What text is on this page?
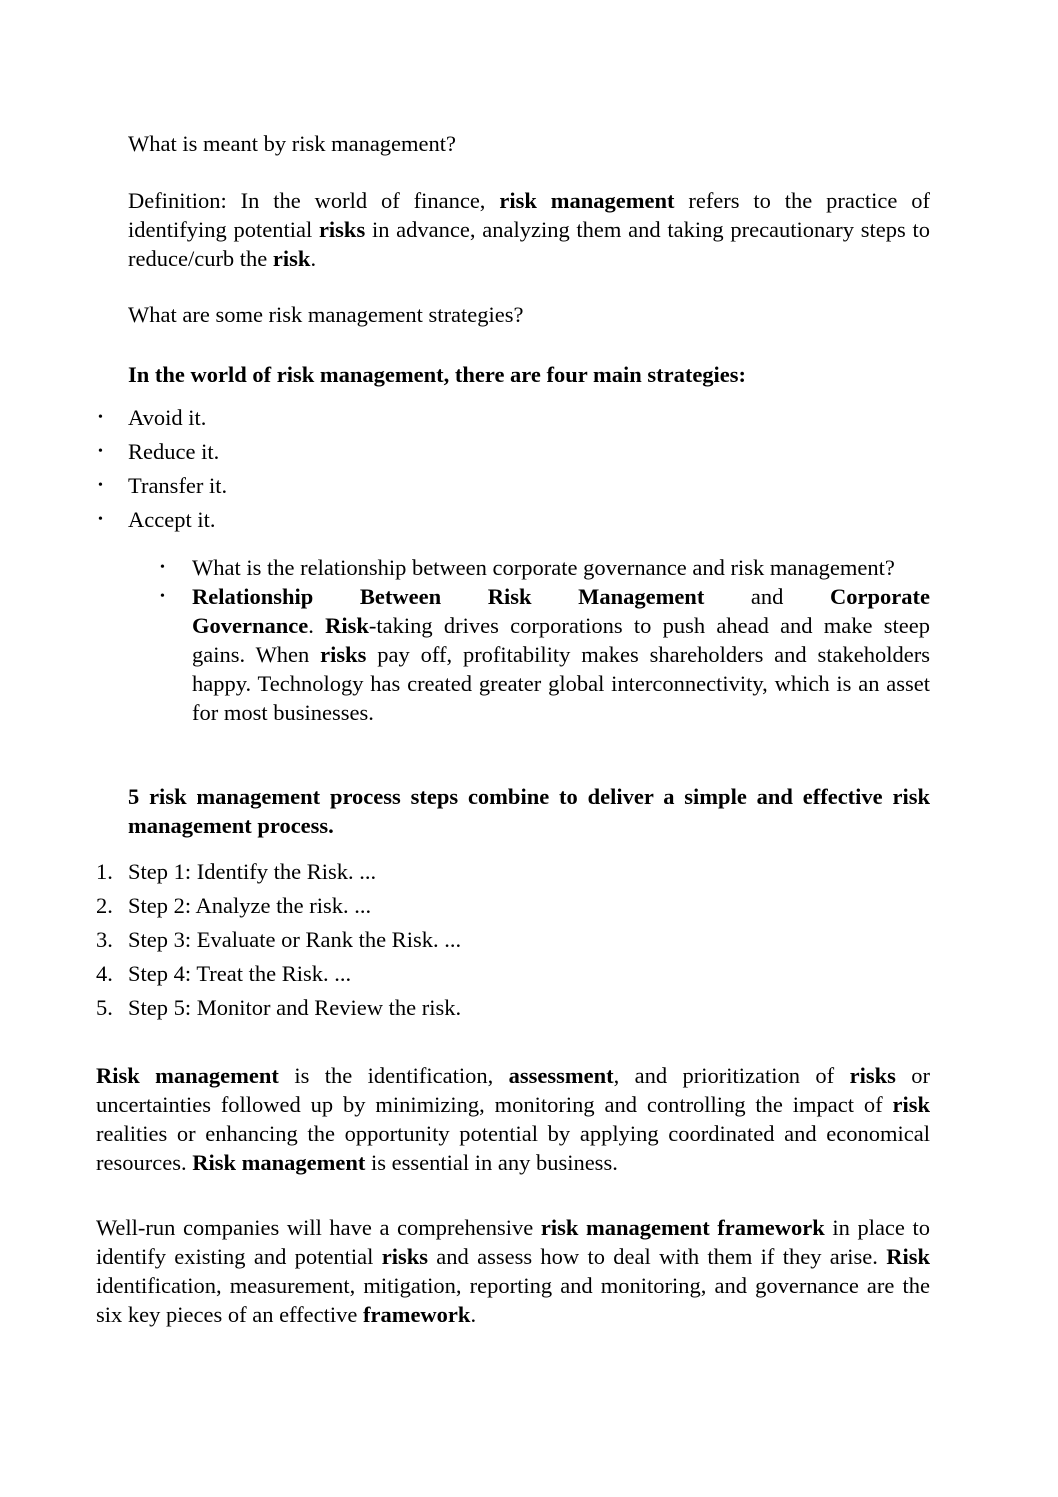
What is meant by risk management?

Definition: In the world of finance, risk management refers to the practice of identifying potential risks in advance, analyzing them and taking precautionary steps to reduce/curb the risk.

What are some risk management strategies?

In the world of risk management, there are four main strategies:

• Avoid it.
• Reduce it.
• Transfer it.
• Accept it.
• What is the relationship between corporate governance and risk management?
• Relationship Between Risk Management and Corporate
Governance. Risk-taking drives corporations to push ahead and make steep gains. When risks pay off, profitability makes shareholders and stakeholders happy. Technology has created greater global interconnectivity, which is an asset for most businesses.

5 risk management process steps combine to deliver a simple and effective risk management process.

1. Step 1: Identify the Risk. ...
2. Step 2: Analyze the risk. ...
3. Step 3: Evaluate or Rank the Risk. ...
4. Step 4: Treat the Risk. ...
5. Step 5: Monitor and Review the risk.

Risk management is the identification, assessment, and prioritization of risks or uncertainties followed up by minimizing, monitoring and controlling the impact of risk realities or enhancing the opportunity potential by applying coordinated and economical resources. Risk management is essential in any business.

Well-run companies will have a comprehensive risk management framework in place to identify existing and potential risks and assess how to deal with them if they arise. Risk identification, measurement, mitigation, reporting and monitoring, and governance are the six key pieces of an effective framework.
